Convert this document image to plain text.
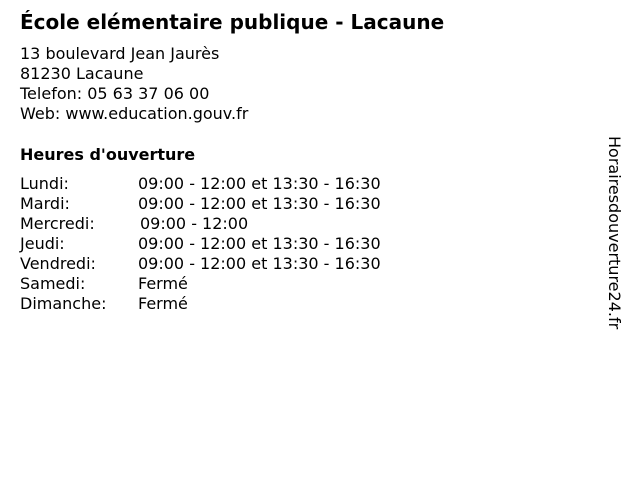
École elémentaire publique - Lacaune
13 boulevard Jean Jaurès
81230 Lacaune
Telefon: 05 63 37 06 00
Web: www.education.gouv.fr
Heures d'ouverture
Lundi:	09:00 - 12:00 et 13:30 - 16:30
Mardi:	09:00 - 12:00 et 13:30 - 16:30
Mercredi:	09:00 - 12:00
Jeudi:	09:00 - 12:00 et 13:30 - 16:30
Vendredi:	09:00 - 12:00 et 13:30 - 16:30
Samedi:	Fermé
Dimanche: Fermé	Horairesdouverture24.fr
